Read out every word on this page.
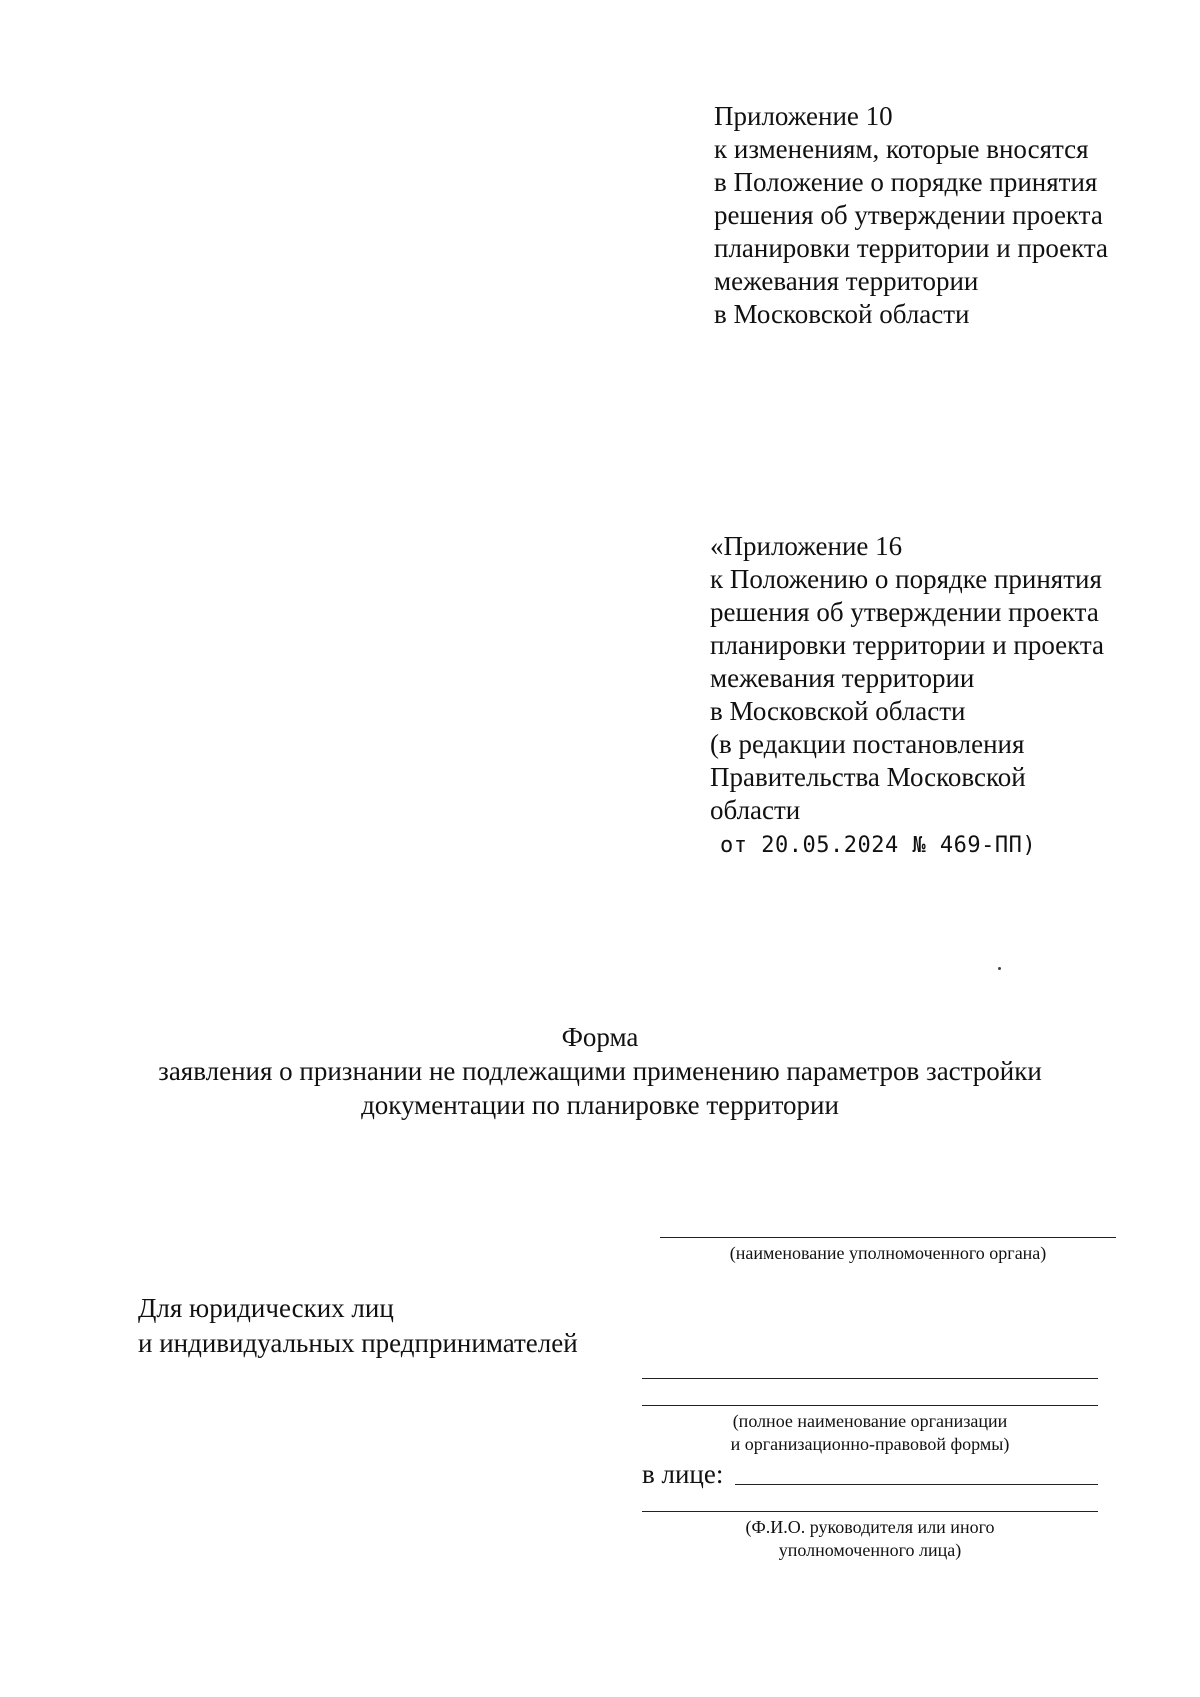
Приложение 10
к изменениям, которые вносятся
в Положение о порядке принятия
решения об утверждении проекта
планировки территории и проекта
межевания территории
в Московской области
«Приложение 16
к Положению о порядке принятия
решения об утверждении проекта
планировки территории и проекта
межевания территории
в Московской области
(в редакции постановления
Правительства Московской
области
от 20.05.2024 № 469-ПП)
Форма
заявления о признании не подлежащими применению параметров застройки
документации по планировке территории
(наименование уполномоченного органа)
Для юридических лиц
и индивидуальных предпринимателей
(полное наименование организации
и организационно-правовой формы)
в лице:
(Ф.И.О. руководителя или иного
уполномоченного лица)
